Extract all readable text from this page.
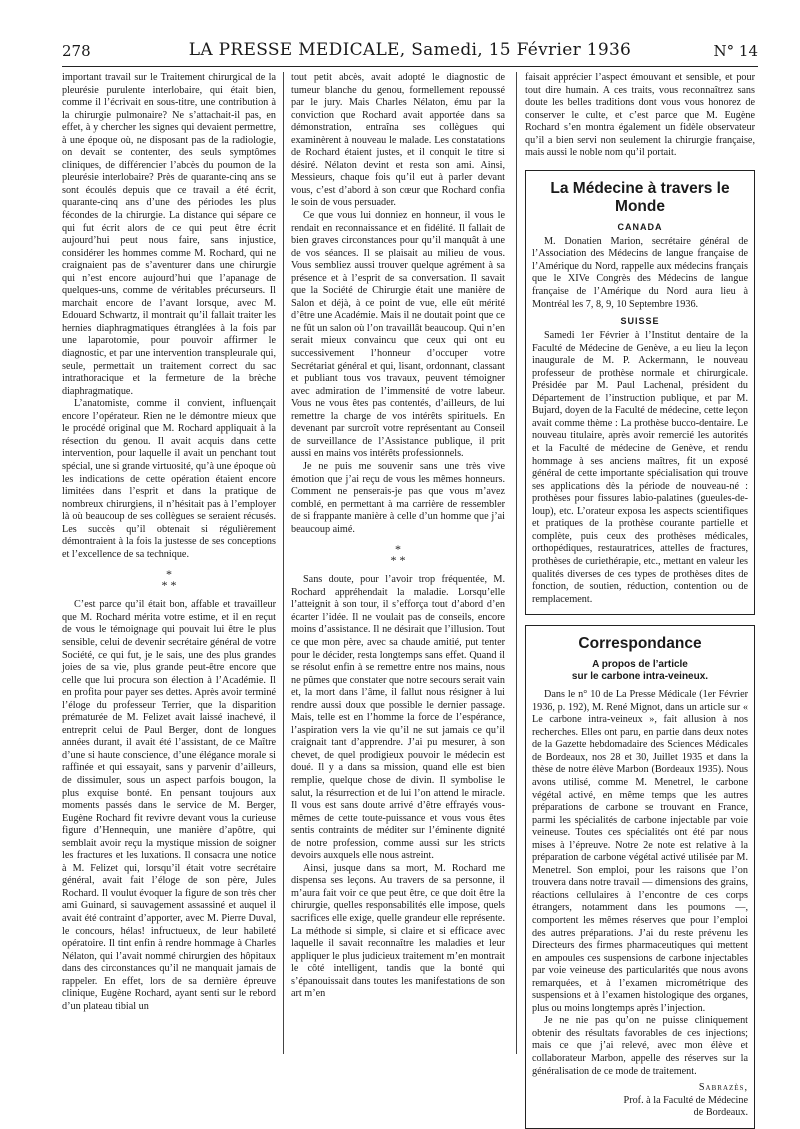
278	LA PRESSE MEDICALE, Samedi, 15 Février 1936	N° 14

important travail sur le Traitement chirurgical de la pleurésie purulente interlobaire, qui était bien, comme il l’écrivait en sous-titre, une contribution à la chirurgie pulmonaire? Ne s’attachait-il pas, en effet, à y chercher les signes qui devaient permettre, à une époque où, ne disposant pas de la radiologie, on devait se contenter, des seuls symptômes cliniques, de différencier l’abcès du poumon de la pleurésie interlobaire? Près de quarante-cinq ans se sont écoulés depuis que ce travail a été écrit, quarante-cinq ans d’une des périodes les plus fécondes de la chirurgie. La distance qui sépare ce qui fut écrit alors de ce qui peut être écrit aujourd’hui peut nous faire, sans injustice, considérer les hommes comme M. Rochard, qui ne craignaient pas de s’aventurer dans une chirurgie qui n’est encore aujourd’hui que l’apanage de quelques-uns, comme de véritables précurseurs. Il marchait encore de l’avant lorsque, avec M. Edouard Schwartz, il montrait qu’il fallait traiter les hernies diaphragmatiques étranglées à la fois par une laparotomie, pour pouvoir affirmer le diagnostic, et par une intervention transpleurale qui, seule, permettait un traitement correct du sac intrathoracique et la fermeture de la brèche diaphragmatique.

L’anatomiste, comme il convient, influençait encore l’opérateur. Rien ne le démontre mieux que le procédé original que M. Rochard appliquait à la résection du genou. Il avait acquis dans cette intervention, pour laquelle il avait un penchant tout spécial, une si grande virtuosité, qu’à une époque où les indications de cette opération étaient encore limitées dans l’esprit et dans la pratique de nombreux chirurgiens, il n’hésitait pas à l’employer là où beaucoup de ses collègues se seraient récusés. Les succès qu’il obtenait si régulièrement démontraient à la fois la justesse de ses conceptions et l’excellence de sa technique.

*
* *

C’est parce qu’il était bon, affable et travailleur que M. Rochard mérita votre estime, et il en reçut de vous le témoignage qui pouvait lui être le plus sensible, celui de devenir secrétaire général de votre Société, ce qui fut, je le sais, une des plus grandes joies de sa vie, plus grande peut-être encore que celle que lui procura son élection à l’Académie. Il en profita pour payer ses dettes. Après avoir terminé l’éloge du professeur Terrier, que la disparition prématurée de M. Felizet avait laissé inachevé, il entreprit celui de Paul Berger, dont de longues années durant, il avait été l’assistant, de ce Maître d’une si haute conscience, d’une élégance morale si raffinée et qui essayait, sans y parvenir d’ailleurs, de dissimuler, sous un aspect parfois bougon, la plus exquise bonté. En pensant toujours aux moments passés dans le service de M. Berger, Eugène Rochard fit revivre devant vous la curieuse figure d’Hennequin, une manière d’apôtre, qui semblait avoir reçu la mystique mission de soigner les fractures et les luxations. Il consacra une notice à M. Felizet qui, lorsqu’il était votre secrétaire général, avait fait l’éloge de son père, Jules Rochard. Il voulut évoquer la figure de son très cher ami Guinard, si sauvagement assassiné et auquel il avait été contraint d’apporter, avec M. Pierre Duval, le concours, hélas! infructueux, de leur habileté opératoire. Il tint enfin à rendre hommage à Charles Nélaton, qui l’avait nommé chirurgien des hôpitaux dans des circonstances qu’il ne manquait jamais de rappeler. En effet, lors de sa dernière épreuve clinique, Eugène Rochard, ayant senti sur le rebord d’un plateau tibial un

tout petit abcès, avait adopté le diagnostic de tumeur blanche du genou, formellement repoussé par le jury. Mais Charles Nélaton, ému par la conviction que Rochard avait apportée dans sa démonstration, entraîna ses collègues qui examinèrent à nouveau le malade. Les constatations de Rochard étaient justes, et il conquit le titre si désiré. Nélaton devint et resta son ami. Ainsi, Messieurs, chaque fois qu’il eut à parler devant vous, c’est d’abord à son cœur que Rochard confia le soin de vous persuader.

Ce que vous lui donniez en honneur, il vous le rendait en reconnaissance et en fidélité. Il fallait de bien graves circonstances pour qu’il manquât à une de vos séances. Il se plaisait au milieu de vous. Vous sembliez aussi trouver quelque agrément à sa présence et à l’esprit de sa conversation. Il savait que la Société de Chirurgie était une manière de Salon et déjà, à ce point de vue, elle eût mérité d’être une Académie. Mais il ne doutait point que ce ne fût un salon où l’on travaillât beaucoup. Qui n’en serait mieux convaincu que ceux qui ont eu successivement l’honneur d’occuper votre Secrétariat général et qui, lisant, ordonnant, classant et publiant tous vos travaux, peuvent témoigner avec admiration de l’immensité de votre labeur. Vous ne vous êtes pas contentés, d’ailleurs, de lui remettre la charge de vos intérêts spirituels. En devenant par surcroît votre représentant au Conseil de surveillance de l’Assistance publique, il prit aussi en mains vos intérêts professionnels.

Je ne puis me souvenir sans une très vive émotion que j’ai reçu de vous les mêmes honneurs. Comment ne penserais-je pas que vous m’avez comblé, en permettant à ma carrière de ressembler de si frappante manière à celle d’un homme que j’ai beaucoup aimé.

*
* *

Sans doute, pour l’avoir trop fréquentée, M. Rochard appréhendait la maladie. Lorsqu’elle l’atteignit à son tour, il s’efforça tout d’abord d’en écarter l’idée. Il ne voulait pas de conseils, encore moins d’assistance. Il ne désirait que l’illusion. Tout ce que mon père, avec sa chaude amitié, put tenter pour le décider, resta longtemps sans effet. Quand il se résolut enfin à se remettre entre nos mains, nous ne pûmes que constater que notre secours serait vain et, la mort dans l’âme, il fallut nous résigner à lui rendre aussi doux que possible le dernier passage. Mais, telle est en l’homme la force de l’espérance, l’aspiration vers la vie qu’il ne sut jamais ce qu’il craignait tant d’apprendre. J’ai pu mesurer, à son chevet, de quel prodigieux pouvoir le médecin est doué. Il y a dans sa mission, quand elle est bien remplie, quelque chose de divin. Il symbolise le salut, la résurrection et de lui l’on attend le miracle. Il vous est sans doute arrivé d’être effrayés vous-mêmes de cette toute-puissance et vous vous êtes sentis contraints de méditer sur l’éminente dignité de notre profession, comme aussi sur les stricts devoirs auxquels elle nous astreint.

Ainsi, jusque dans sa mort, M. Rochard me dispensa ses leçons. Au travers de sa personne, il m’aura fait voir ce que peut être, ce que doit être la chirurgie, quelles responsabilités elle impose, quels sacrifices elle exige, quelle grandeur elle représente. La méthode si simple, si claire et si efficace avec laquelle il savait reconnaître les maladies et leur appliquer le plus judicieux traitement m’en montrait le côté intelligent, tandis que la bonté qui s’épanouissait dans toutes les manifestations de son art m’en

faisait apprécier l’aspect émouvant et sensible, et pour tout dire humain. A ces traits, vous reconnaîtrez sans doute les belles traditions dont vous vous honorez de conserver le culte, et c’est parce que M. Eugène Rochard s’en montra également un fidèle observateur qu’il a bien servi non seulement la chirurgie française, mais aussi le noble nom qu’il portait.

La Médecine à travers le Monde
CANADA

M. Donatien Marion, secrétaire général de l’Association des Médecins de langue française de l’Amérique du Nord, rappelle aux médecins français que le XIVe Congrès des Médecins de langue française de l’Amérique du Nord aura lieu à Montréal les 7, 8, 9, 10 Septembre 1936.

SUISSE

Samedi 1er Février à l’Institut dentaire de la Faculté de Médecine de Genève, a eu lieu la leçon inaugurale de M. P. Ackermann, le nouveau professeur de prothèse normale et chirurgicale. Présidée par M. Paul Lachenal, président du Département de l’instruction publique, et par M. Bujard, doyen de la Faculté de médecine, cette leçon avait comme thème : La prothèse bucco-dentaire. Le nouveau titulaire, après avoir remercié les autorités et la Faculté de médecine de Genève, et rendu hommage à ses anciens maîtres, fit un exposé général de cette importante spécialisation qui trouve ses applications dès la période de nouveau-né : prothèses pour fissures labio-palatines (gueules-de-loup), etc. L’orateur exposa les aspects scientifiques et pratiques de la prothèse courante partielle et complète, puis ceux des prothèses médicales, orthopédiques, restauratrices, attelles de fractures, prothèses de curiethérapie, etc., mettant en valeur les qualités diverses de ces types de prothèses dites de fonction, de soutien, réduction, contention ou de remplacement.

Correspondance
A propos de l’article
sur le carbone intra-veineux.

Dans le n° 10 de La Presse Médicale (1er Février 1936, p. 192), M. René Mignot, dans un article sur « Le carbone intra-veineux », fait allusion à nos recherches. Elles ont paru, en partie dans deux notes de la Gazette hebdomadaire des Sciences Médicales de Bordeaux, nos 28 et 30, Juillet 1935 et dans la thèse de notre élève Marbon (Bordeaux 1935). Nous avons utilisé, comme M. Menetrel, le carbone végétal activé, en même temps que les autres préparations de carbone se trouvant en France, parmi les spécialités de carbone injectable par voie veineuse. Toutes ces spécialités ont été par nous mises à l’épreuve. Notre 2e note est relative à la préparation de carbone végétal activé utilisée par M. Menetrel. Son emploi, pour les raisons que l’on trouvera dans notre travail — dimensions des grains, réactions cellulaires à l’encontre de ces corps étrangers, notamment dans les poumons —, comportent les mêmes réserves que pour l’emploi des autres préparations. J’ai du reste prévenu les Directeurs des firmes pharmaceutiques qui mettent en ampoules ces suspensions de carbone injectables par voie veineuse des particularités que nous avons remarquées, et à l’examen micrométrique des suspensions et à l’examen histologique des organes, plus ou moins longtemps après l’injection.

Je ne nie pas qu’on ne puisse cliniquement obtenir des résultats favorables de ces injections; mais ce que j’ai relevé, avec mon élève et collaborateur Marbon, appelle des réserves sur la généralisation de ce mode de traitement.

Sabrazès,
Prof. à la Faculté de Médecine
de Bordeaux.
